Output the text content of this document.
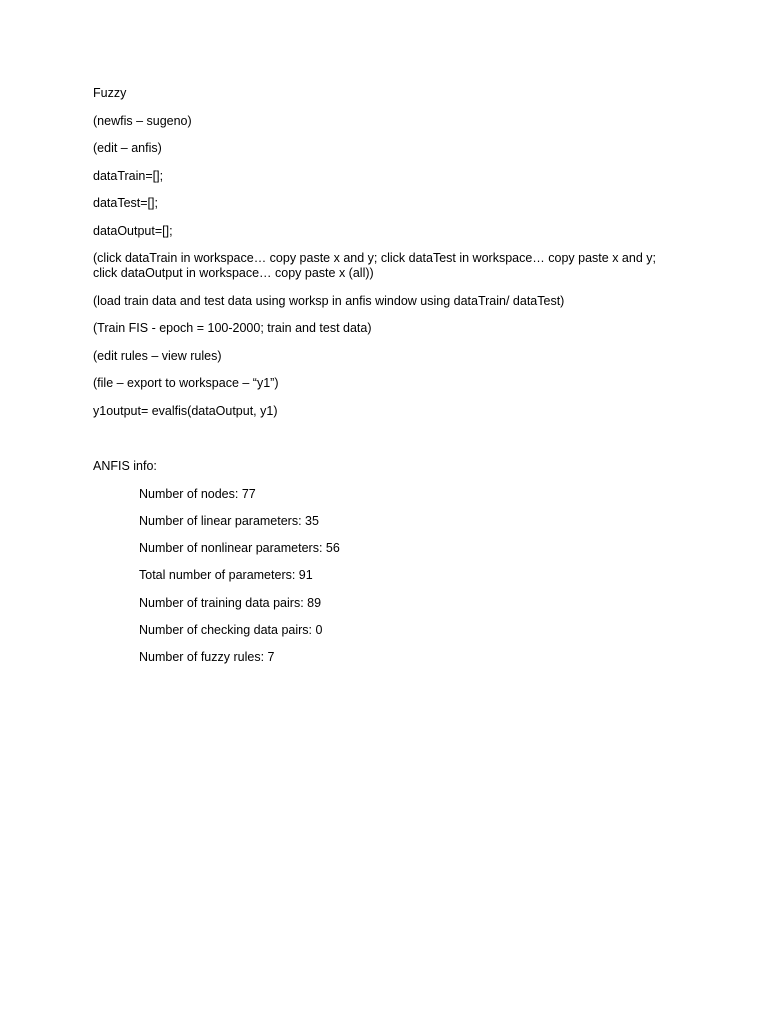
Fuzzy

(newfis – sugeno)

(edit – anfis)

dataTrain=[];

dataTest=[];

dataOutput=[];

(click dataTrain in workspace… copy paste x and y; click dataTest in workspace… copy paste x and y; click dataOutput in workspace… copy paste x (all))

(load train data and test data using worksp in anfis window using dataTrain/ dataTest)

(Train FIS - epoch = 100-2000; train and test data)

(edit rules – view rules)

(file – export to workspace – “y1”)

y1output= evalfis(dataOutput, y1)

ANFIS info:

Number of nodes: 77
Number of linear parameters: 35
Number of nonlinear parameters: 56
Total number of parameters: 91
Number of training data pairs: 89
Number of checking data pairs: 0
Number of fuzzy rules: 7
